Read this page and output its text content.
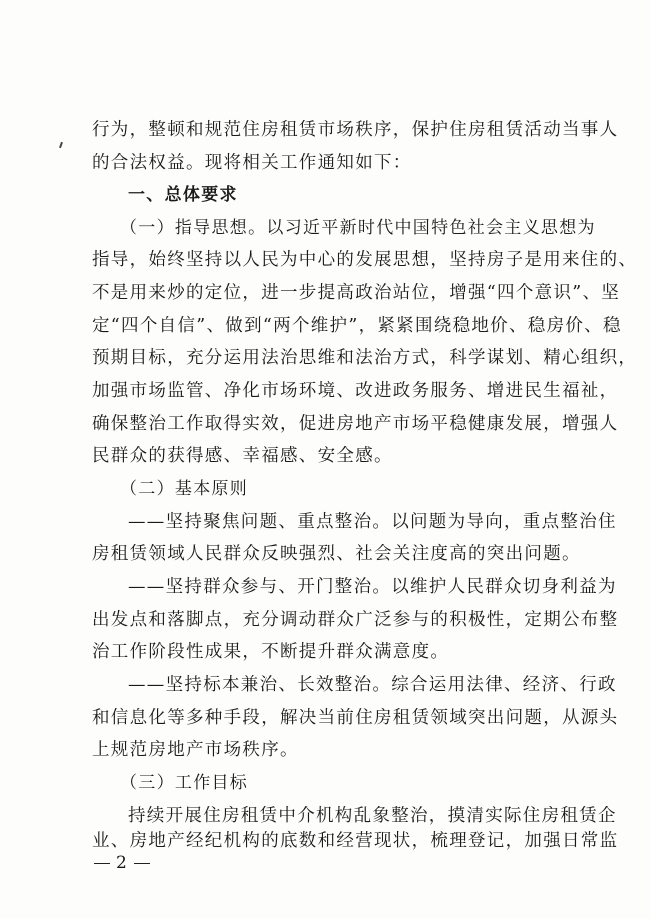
行为，整顿和规范住房租赁市场秩序，保护住房租赁活动当事人
的合法权益。现将相关工作通知如下：
一、总体要求
（一）指导思想。以习近平新时代中国特色社会主义思想为
指导，始终坚持以人民为中心的发展思想，坚持房子是用来住的、
不是用来炒的定位，进一步提高政治站位，增强“四个意识”、坚
定“四个自信”、做到“两个维护”，紧紧围绕稳地价、稳房价、稳
预期目标，充分运用法治思维和法治方式，科学谋划、精心组织，
加强市场监管、净化市场环境、改进政务服务、增进民生福祉，
确保整治工作取得实效，促进房地产市场平稳健康发展，增强人
民群众的获得感、幸福感、安全感。
（二）基本原则
——坚持聚焦问题、重点整治。以问题为导向，重点整治住
房租赁领域人民群众反映强烈、社会关注度高的突出问题。
——坚持群众参与、开门整治。以维护人民群众切身利益为
出发点和落脚点，充分调动群众广泛参与的积极性，定期公布整
治工作阶段性成果，不断提升群众满意度。
——坚持标本兼治、长效整治。综合运用法律、经济、行政
和信息化等多种手段，解决当前住房租赁领域突出问题，从源头
上规范房地产市场秩序。
（三）工作目标
持续开展住房租赁中介机构乱象整治，摸清实际住房租赁企
业、房地产经纪机构的底数和经营现状，梳理登记，加强日常监
2
